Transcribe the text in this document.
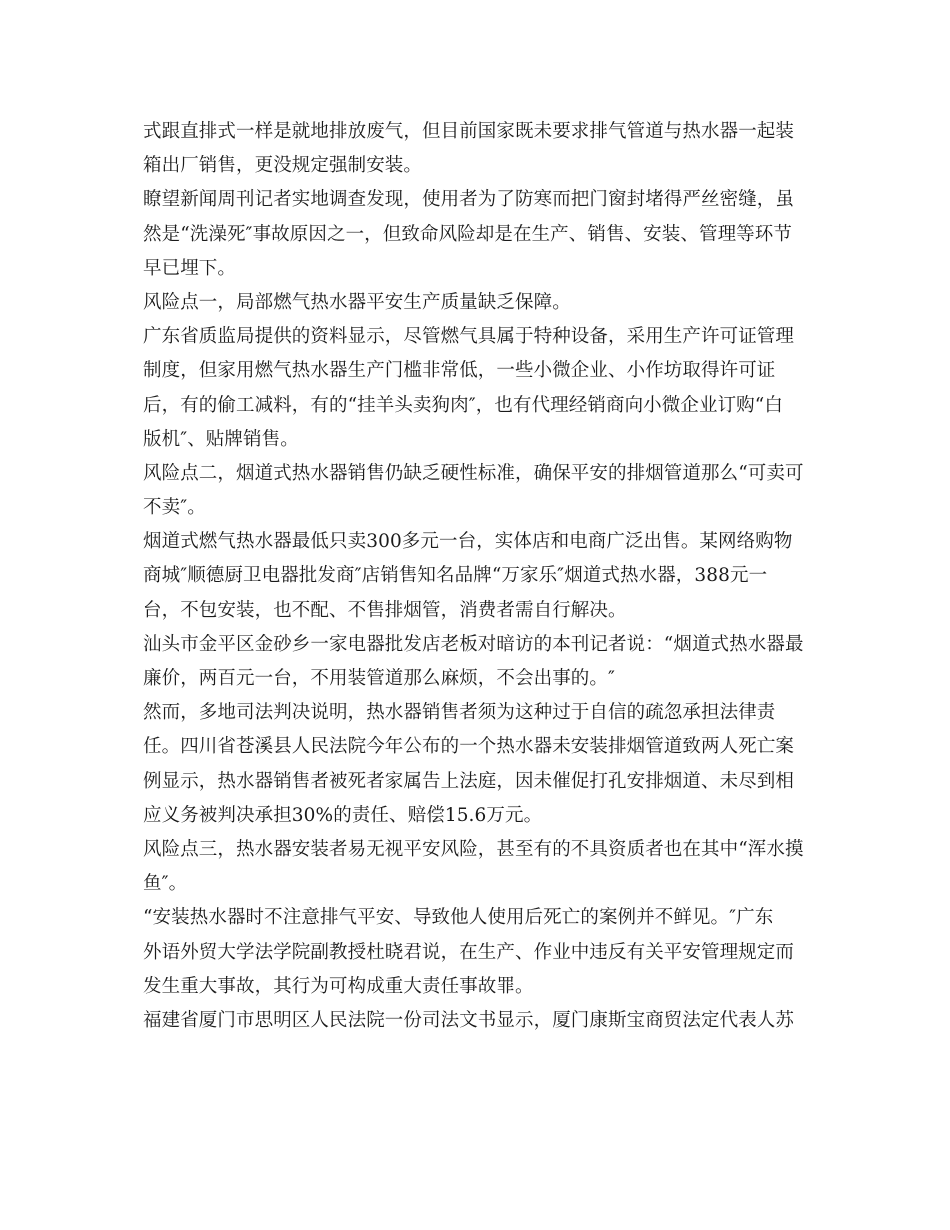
式跟直排式一样是就地排放废气，但目前国家既未要求排气管道与热水器一起装
箱出厂销售，更没规定强制安装。
瞭望新闻周刊记者实地调查发现，使用者为了防寒而把门窗封堵得严丝密缝，虽
然是“洗澡死″事故原因之一，但致命风险却是在生产、销售、安装、管理等环节
早已埋下。
风险点一，局部燃气热水器平安生产质量缺乏保障。
广东省质监局提供的资料显示，尽管燃气具属于特种设备，采用生产许可证管理
制度，但家用燃气热水器生产门槛非常低，一些小微企业、小作坊取得许可证
后，有的偷工减料，有的“挂羊头卖狗肉″，也有代理经销商向小微企业订购“白
版机″、贴牌销售。
风险点二，烟道式热水器销售仍缺乏硬性标准，确保平安的排烟管道那么“可卖可
不卖″。
烟道式燃气热水器最低只卖300多元一台，实体店和电商广泛出售。某网络购物
商城″顺德厨卫电器批发商″店销售知名品牌“万家乐″烟道式热水器，388元一
台，不包安装，也不配、不售排烟管，消费者需自行解决。
汕头市金平区金砂乡一家电器批发店老板对暗访的本刊记者说：“烟道式热水器最
廉价，两百元一台，不用装管道那么麻烦，不会出事的。″
然而，多地司法判决说明，热水器销售者须为这种过于自信的疏忽承担法律责
任。四川省苍溪县人民法院今年公布的一个热水器未安装排烟管道致两人死亡案
例显示，热水器销售者被死者家属告上法庭，因未催促打孔安排烟道、未尽到相
应义务被判决承担30%的责任、赔偿15.6万元。
风险点三，热水器安装者易无视平安风险，甚至有的不具资质者也在其中“浑水摸
鱼″。
“安装热水器时不注意排气平安、导致他人使用后死亡的案例并不鲜见。″广东
外语外贸大学法学院副教授杜晓君说，在生产、作业中违反有关平安管理规定而
发生重大事故，其行为可构成重大责任事故罪。
福建省厦门市思明区人民法院一份司法文书显示，厦门康斯宝商贸法定代表人苏
